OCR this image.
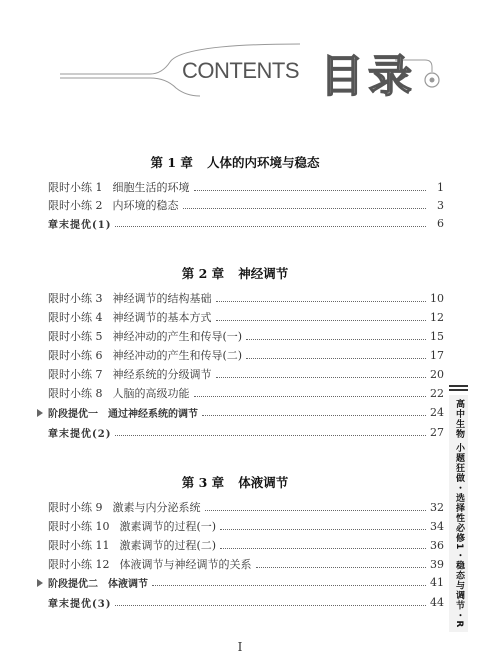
CONTENTS 目录
第 1 章 人体的内环境与稳态
限时小练 1 细胞生活的环境	1
限时小练 2 内环境的稳态	3
章末提优(1)	6
第 2 章 神经调节
限时小练 3 神经调节的结构基础	10
限时小练 4 神经调节的基本方式	12
限时小练 5 神经冲动的产生和传导(一)	15
限时小练 6 神经冲动的产生和传导(二)	17
限时小练 7 神经系统的分级调节	20
限时小练 8 人脑的高级功能	22
阶段提优一 通过神经系统的调节	24
章末提优(2)	27
第 3 章 体液调节
限时小练 9 激素与内分泌系统	32
限时小练 10 激素调节的过程(一)	34
限时小练 11 激素调节的过程(二)	36
限时小练 12 体液调节与神经调节的关系	39
阶段提优二 体液调节	41
章末提优(3)	44	高中生物 小题狂做・选择性必修1・稳态与调节・R
I
